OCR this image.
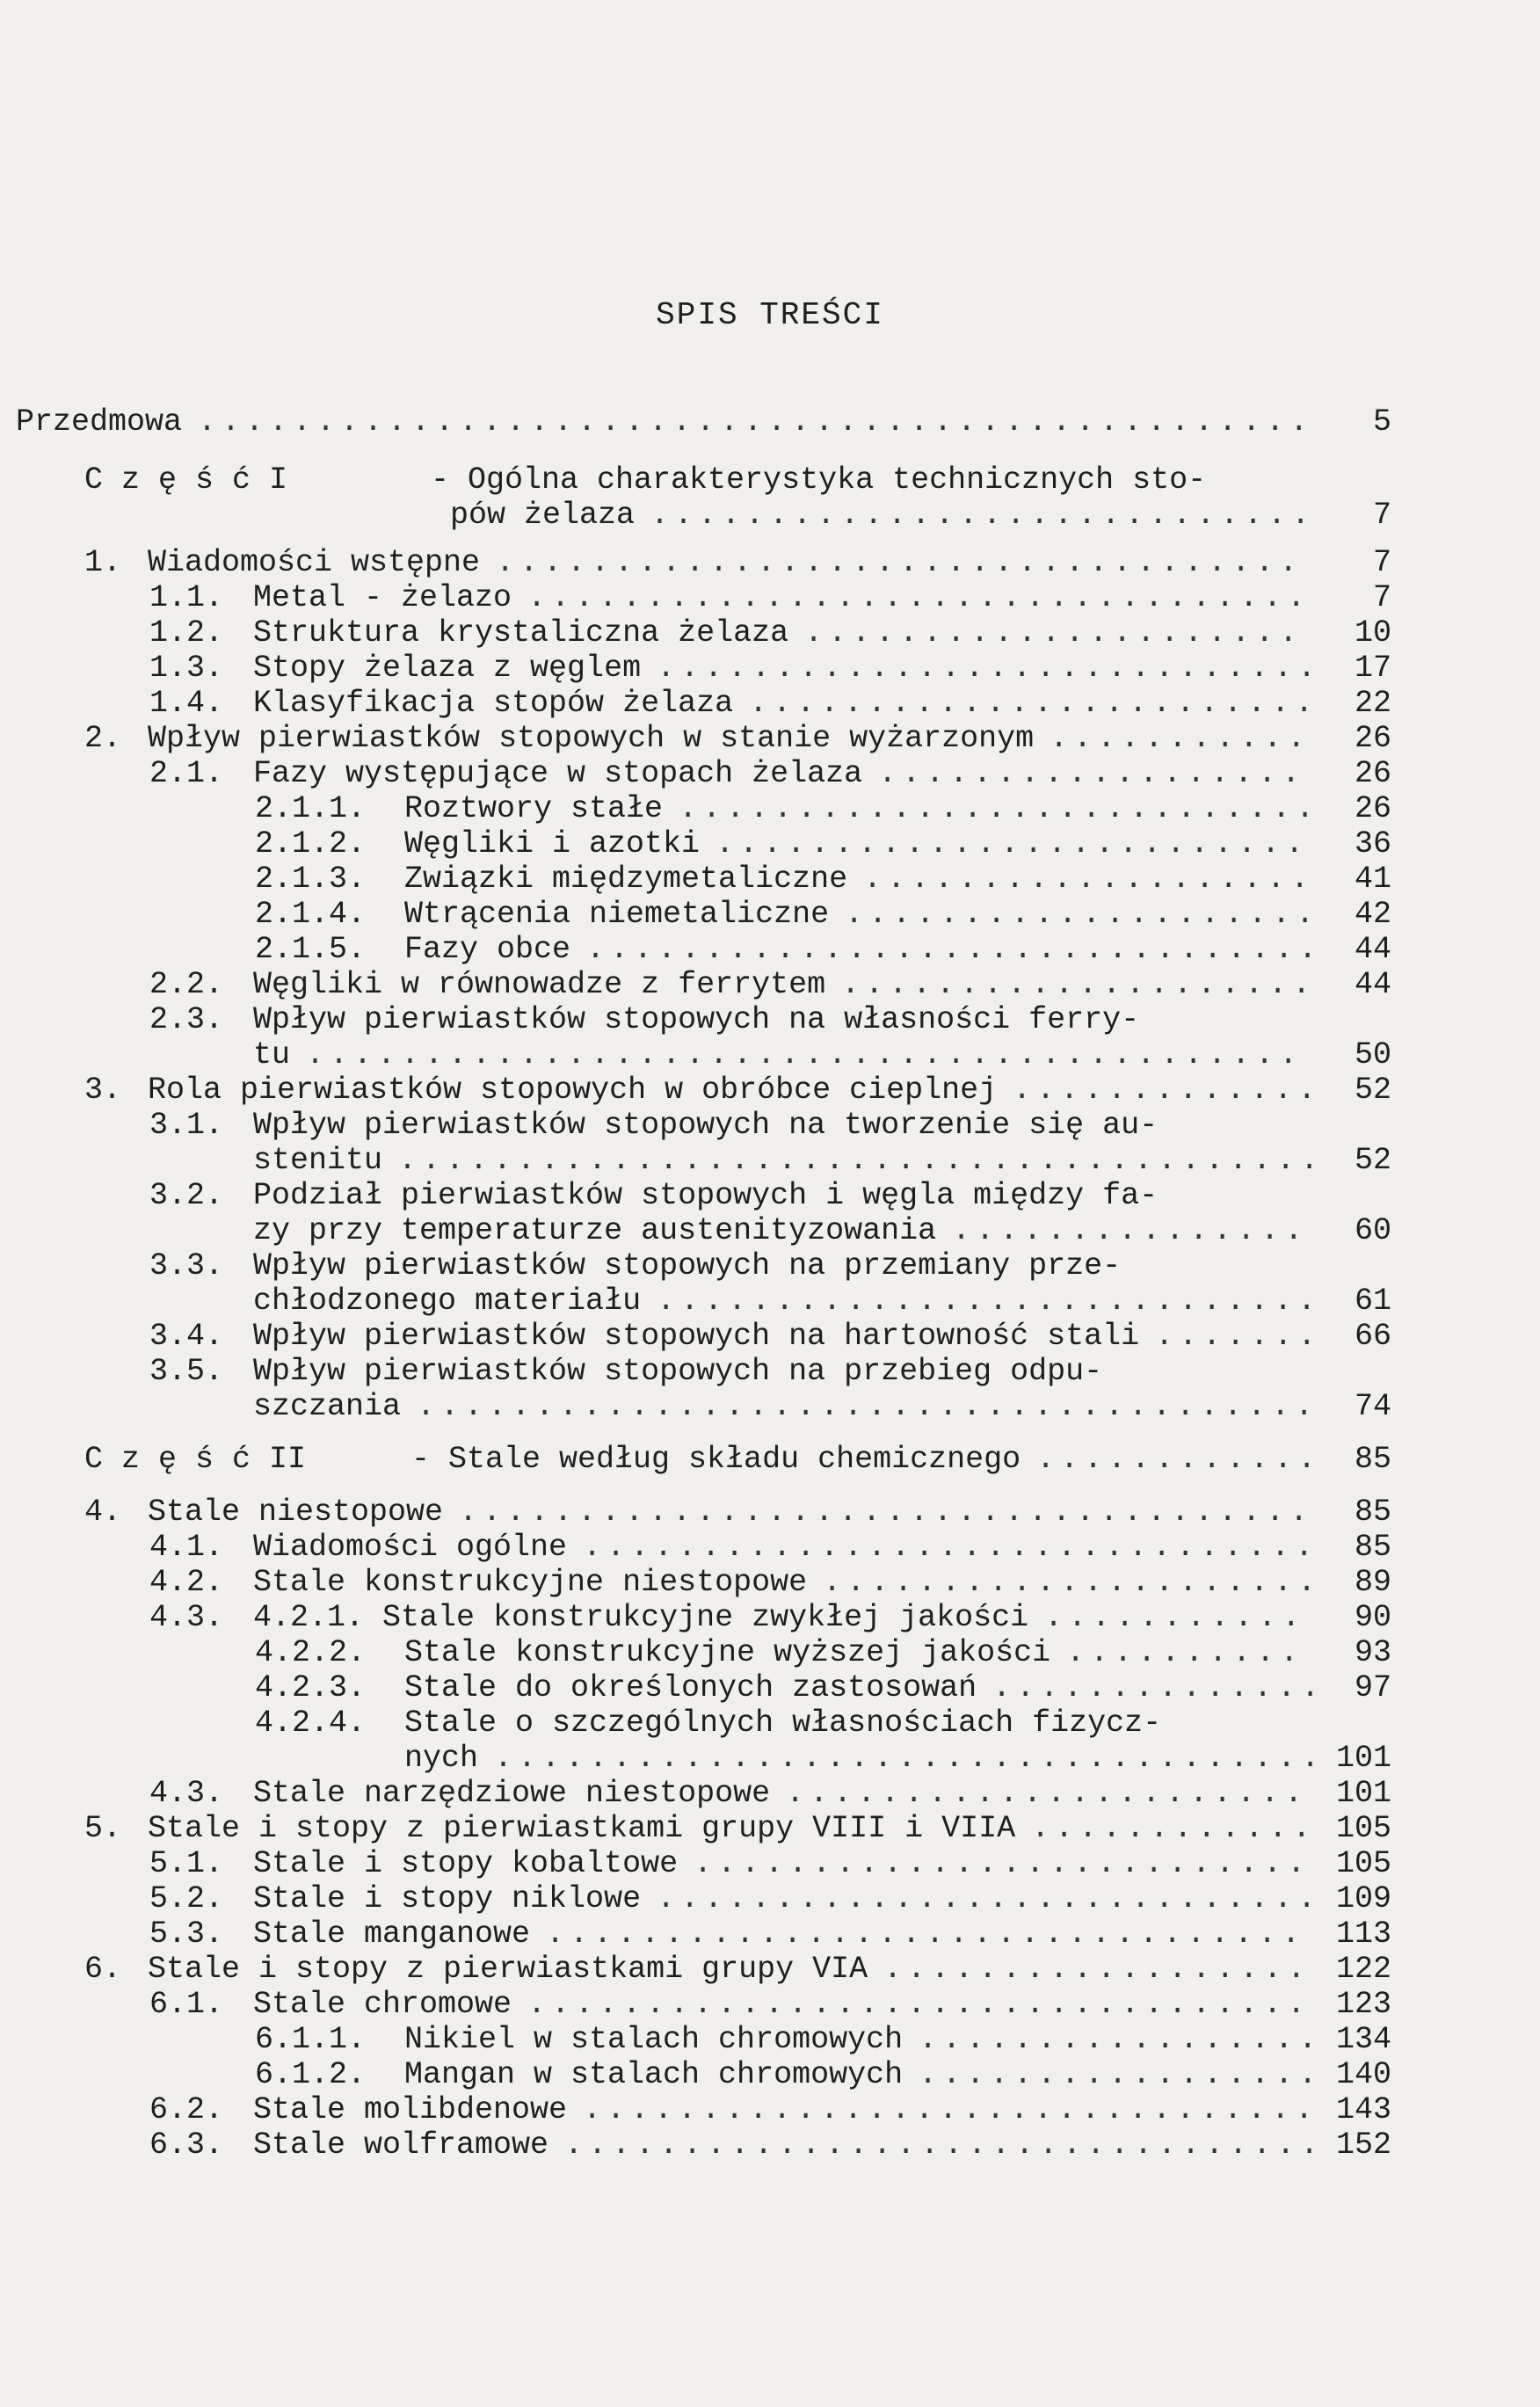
SPIS TREŚCI
Przedmowa ............................................... 5
C z ę ś ć I	- Ogólna charakterystyka technicznych sto-
pów żelaza ............................ 7
1. Wiadomości wstępne .................................. 7
1.1. Metal - żelazo ................................. 7
1.2. Struktura krystaliczna żelaza ..................... 10
1.3. Stopy żelaza z węglem ............................ 17
1.4. Klasyfikacja stopów żelaza ........................ 22
2. Wpływ pierwiastków stopowych w stanie wyżarzonym ........... 26
2.1. Fazy występujące w stopach żelaza .................. 26
2.1.1. Roztwory stałe ........................... 26
2.1.2. Węgliki i azotki ......................... 36
2.1.3. Związki międzymetaliczne ................... 41
2.1.4. Wtrącenia niemetaliczne .................... 42
2.1.5. Fazy obce ............................... 44
2.2. Węgliki w równowadze z ferrytem .................... 44
2.3. Wpływ pierwiastków stopowych na własności ferry-
tu .......................................... 50
3. Rola pierwiastków stopowych w obróbce cieplnej ............. 52
3.1. Wpływ pierwiastków stopowych na tworzenie się au-
stenitu ....................................... 52
3.2. Podział pierwiastków stopowych i węgla między fa-
zy przy temperaturze austenityzowania ............... 60
3.3. Wpływ pierwiastków stopowych na przemiany prze-
chłodzonego materiału ............................ 61
3.4. Wpływ pierwiastków stopowych na hartowność stali ....... 66
3.5. Wpływ pierwiastków stopowych na przebieg odpu-
szczania ...................................... 74
C z ę ś ć II	- Stale według składu chemicznego ............ 85
4. Stale niestopowe .................................... 85
4.1. Wiadomości ogólne ............................... 85
4.2. Stale konstrukcyjne niestopowe ..................... 89
4.3. 4.2.1. Stale konstrukcyjne zwykłej jakości ........... 90
4.2.2. Stale konstrukcyjne wyższej jakości .......... 93
4.2.3. Stale do określonych zastosowań .............. 97
4.2.4. Stale o szczególnych własnościach fizycz-
nych ................................... 101
4.3. Stale narzędziowe niestopowe ...................... 101
5. Stale i stopy z pierwiastkami grupy VIII i VIIA ............ 105
5.1. Stale i stopy kobaltowe .......................... 105
5.2. Stale i stopy niklowe ............................ 109
5.3. Stale manganowe ................................ 113
6. Stale i stopy z pierwiastkami grupy VIA .................. 122
6.1. Stale chromowe ................................. 123
6.1.1. Nikiel w stalach chromowych ................. 134
6.1.2. Mangan w stalach chromowych ................. 140
6.2. Stale molibdenowe ............................... 143
6.3. Stale wolframowe ................................ 152
